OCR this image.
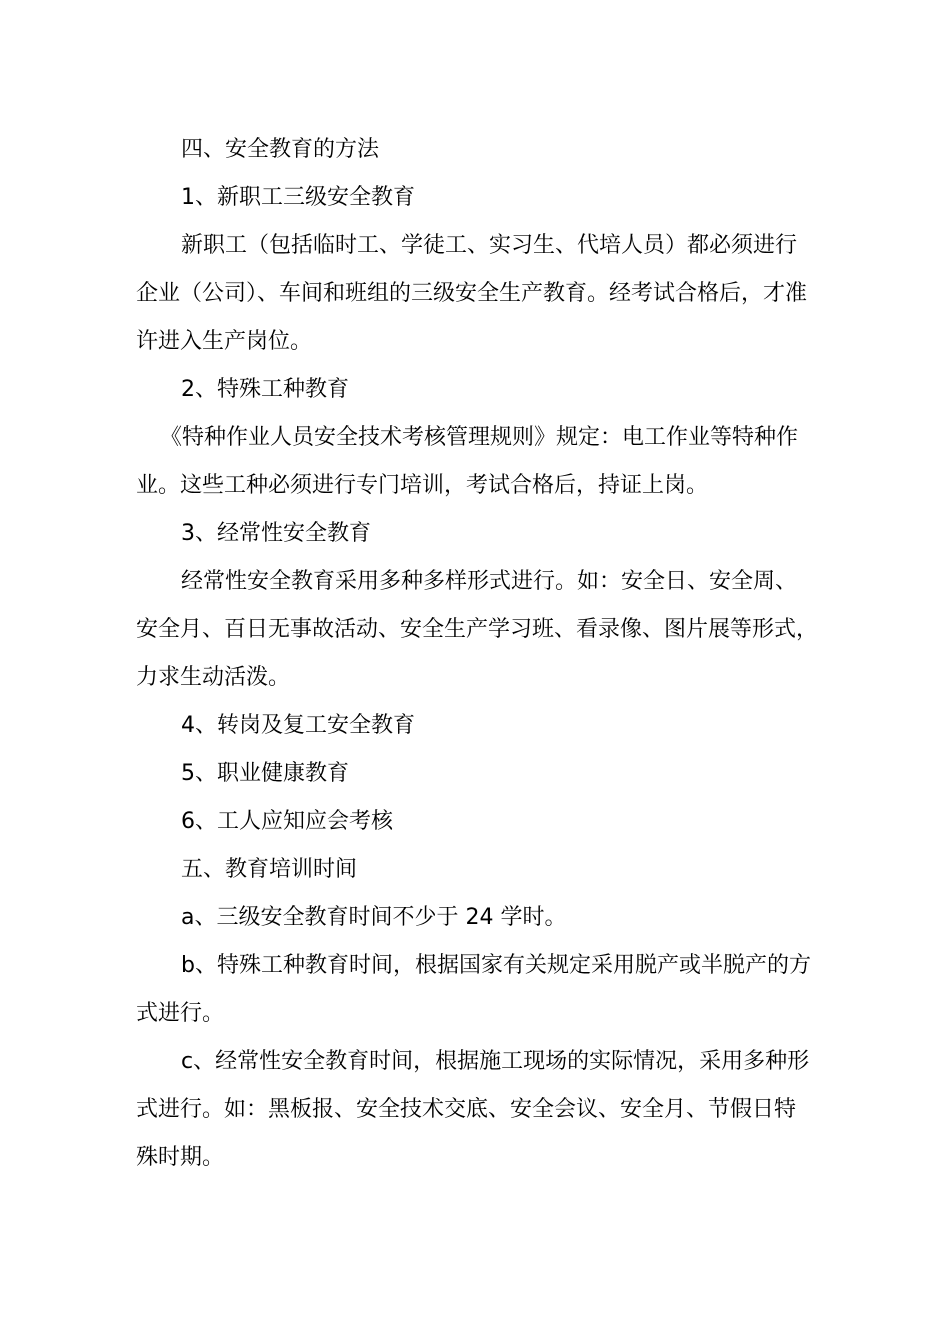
四、安全教育的方法
1、新职工三级安全教育
新职工（包括临时工、学徒工、实习生、代培人员）都必须进行
企业（公司）、车间和班组的三级安全生产教育。经考试合格后，才准
许进入生产岗位。
2、特殊工种教育
《特种作业人员安全技术考核管理规则》规定：电工作业等特种作
业。这些工种必须进行专门培训，考试合格后，持证上岗。
3、经常性安全教育
经常性安全教育采用多种多样形式进行。如：安全日、安全周、
安全月、百日无事故活动、安全生产学习班、看录像、图片展等形式，
力求生动活泼。
4、转岗及复工安全教育
5、职业健康教育
6、工人应知应会考核
五、教育培训时间
a、三级安全教育时间不少于 24 学时。
b、特殊工种教育时间，根据国家有关规定采用脱产或半脱产的方
式进行。
c、经常性安全教育时间，根据施工现场的实际情况，采用多种形
式进行。如：黑板报、安全技术交底、安全会议、安全月、节假日特
殊时期。
